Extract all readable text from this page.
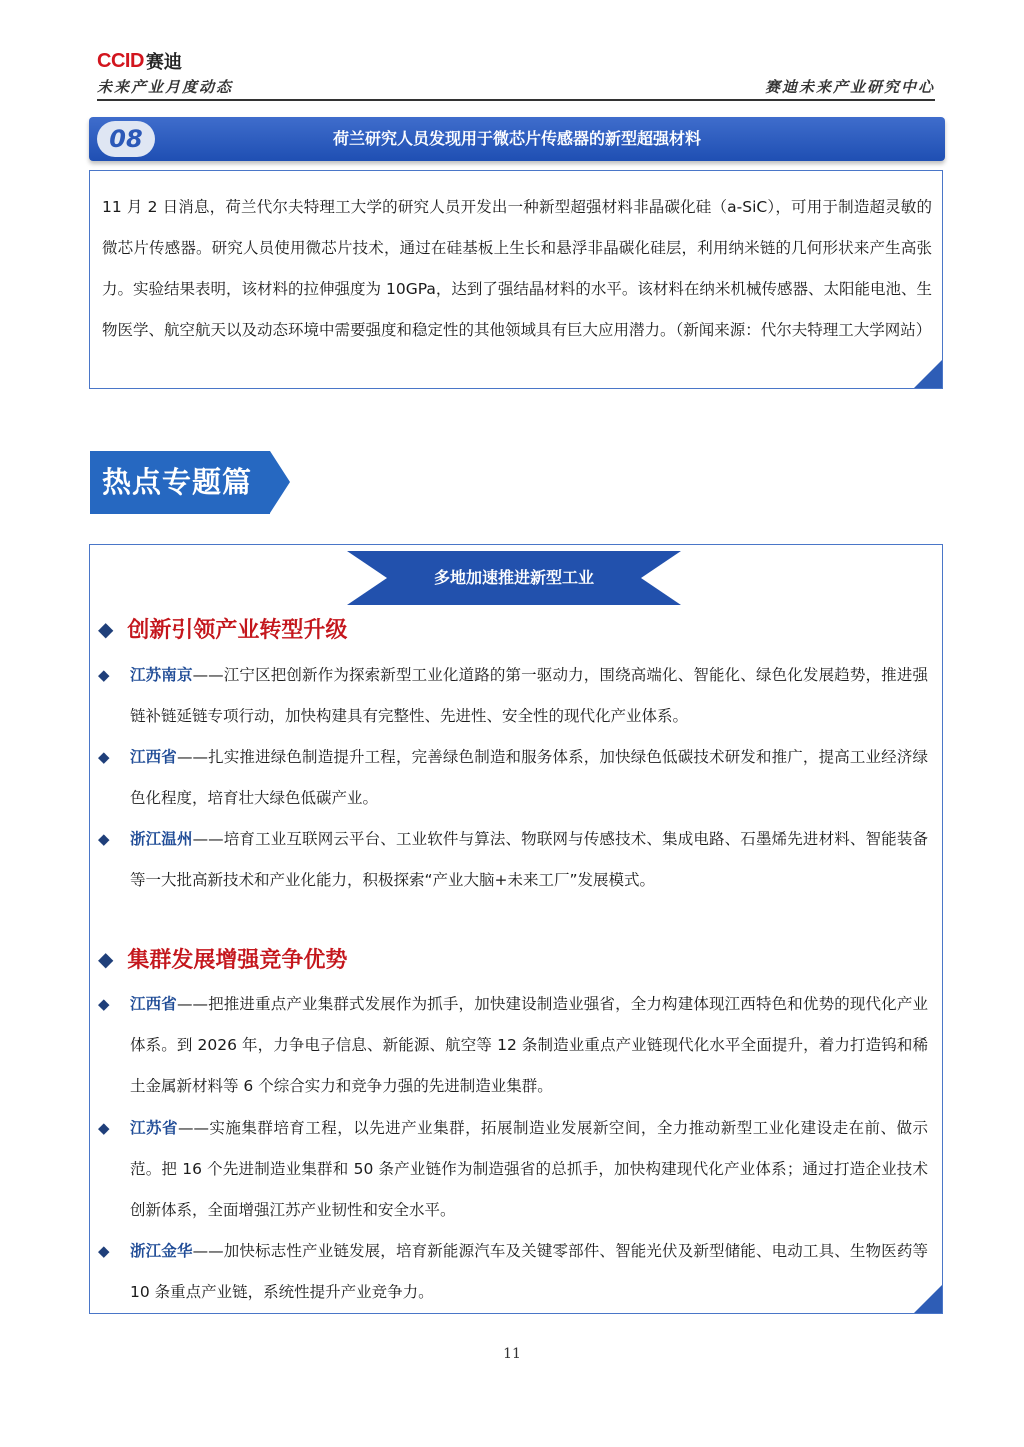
CCID 赛迪
未来产业月度动态	赛迪未来产业研究中心
08	荷兰研究人员发现用于微芯片传感器的新型超强材料
11 月 2 日消息，荷兰代尔夫特理工大学的研究人员开发出一种新型超强材料非晶碳化硅（a-SiC），可用于制造超灵敏的微芯片传感器。研究人员使用微芯片技术，通过在硅基板上生长和悬浮非晶碳化硅层，利用纳米链的几何形状来产生高张力。实验结果表明，该材料的拉伸强度为 10GPa，达到了强结晶材料的水平。该材料在纳米机械传感器、太阳能电池、生物医学、航空航天以及动态环境中需要强度和稳定性的其他领域具有巨大应用潜力。（新闻来源：代尔夫特理工大学网站）
热点专题篇
多地加速推进新型工业
◆ 创新引领产业转型升级
◆	江苏南京——江宁区把创新作为探索新型工业化道路的第一驱动力，围绕高端化、智能化、绿色化发展趋势，推进强链补链延链专项行动，加快构建具有完整性、先进性、安全性的现代化产业体系。

◆	江西省——扎实推进绿色制造提升工程，完善绿色制造和服务体系，加快绿色低碳技术研发和推广，提高工业经济绿色化程度，培育壮大绿色低碳产业。

◆	浙江温州——培育工业互联网云平台、工业软件与算法、物联网与传感技术、集成电路、石墨烯先进材料、智能装备等一大批高新技术和产业化能力，积极探索“产业大脑+未来工厂”发展模式。

◆ 集群发展增强竞争优势
◆	江西省——把推进重点产业集群式发展作为抓手，加快建设制造业强省，全力构建体现江西特色和优势的现代化产业体系。到 2026 年，力争电子信息、新能源、航空等 12 条制造业重点产业链现代化水平全面提升，着力打造钨和稀土金属新材料等 6 个综合实力和竞争力强的先进制造业集群。

◆	江苏省——实施集群培育工程，以先进产业集群，拓展制造业发展新空间，全力推动新型工业化建设走在前、做示范。把 16 个先进制造业集群和 50 条产业链作为制造强省的总抓手，加快构建现代化产业体系；通过打造企业技术创新体系，全面增强江苏产业韧性和安全水平。

◆	浙江金华——加快标志性产业链发展，培育新能源汽车及关键零部件、智能光伏及新型储能、电动工具、生物医药等 10 条重点产业链，系统性提升产业竞争力。

11
